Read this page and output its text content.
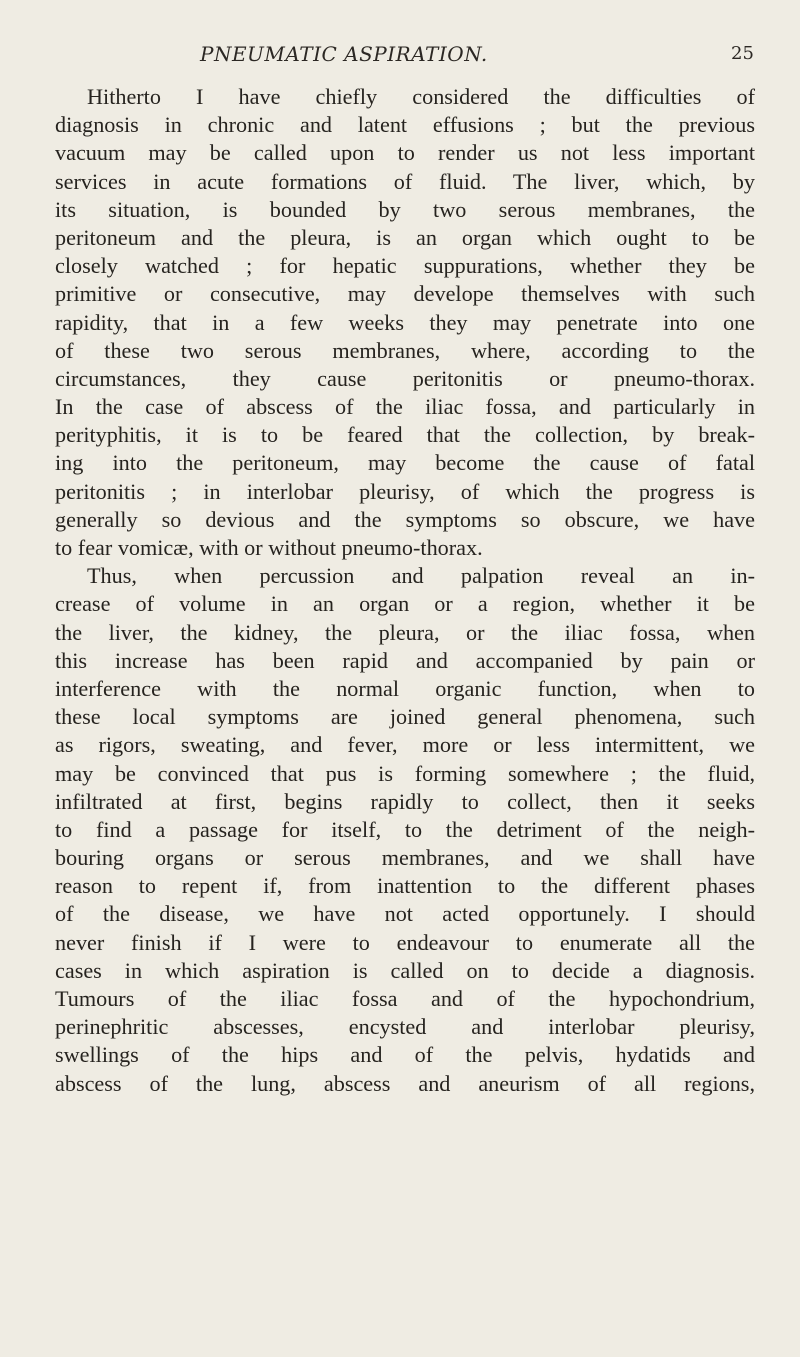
PNEUMATIC ASPIRATION.	25
Hitherto I have chiefly considered the difficulties of
diagnosis in chronic and latent effusions ; but the previous
vacuum may be called upon to render us not less important
services in acute formations of fluid. The liver, which, by
its situation, is bounded by two serous membranes, the
peritoneum and the pleura, is an organ which ought to be
closely watched ; for hepatic suppurations, whether they be
primitive or consecutive, may develope themselves with such
rapidity, that in a few weeks they may penetrate into one
of these two serous membranes, where, according to the
circumstances, they cause peritonitis or pneumo-thorax.
In the case of abscess of the iliac fossa, and particularly in
perityphitis, it is to be feared that the collection, by break-
ing into the peritoneum, may become the cause of fatal
peritonitis ; in interlobar pleurisy, of which the progress is
generally so devious and the symptoms so obscure, we have
to fear vomicæ, with or without pneumo-thorax.
Thus, when percussion and palpation reveal an in-
crease of volume in an organ or a region, whether it be
the liver, the kidney, the pleura, or the iliac fossa, when
this increase has been rapid and accompanied by pain or
interference with the normal organic function, when to
these local symptoms are joined general phenomena, such
as rigors, sweating, and fever, more or less intermittent, we
may be convinced that pus is forming somewhere ; the fluid,
infiltrated at first, begins rapidly to collect, then it seeks
to find a passage for itself, to the detriment of the neigh-
bouring organs or serous membranes, and we shall have
reason to repent if, from inattention to the different phases
of the disease, we have not acted opportunely. I should
never finish if I were to endeavour to enumerate all the
cases in which aspiration is called on to decide a diagnosis.
Tumours of the iliac fossa and of the hypochondrium,
perinephritic abscesses, encysted and interlobar pleurisy,
swellings of the hips and of the pelvis, hydatids and
abscess of the lung, abscess and aneurism of all regions,
